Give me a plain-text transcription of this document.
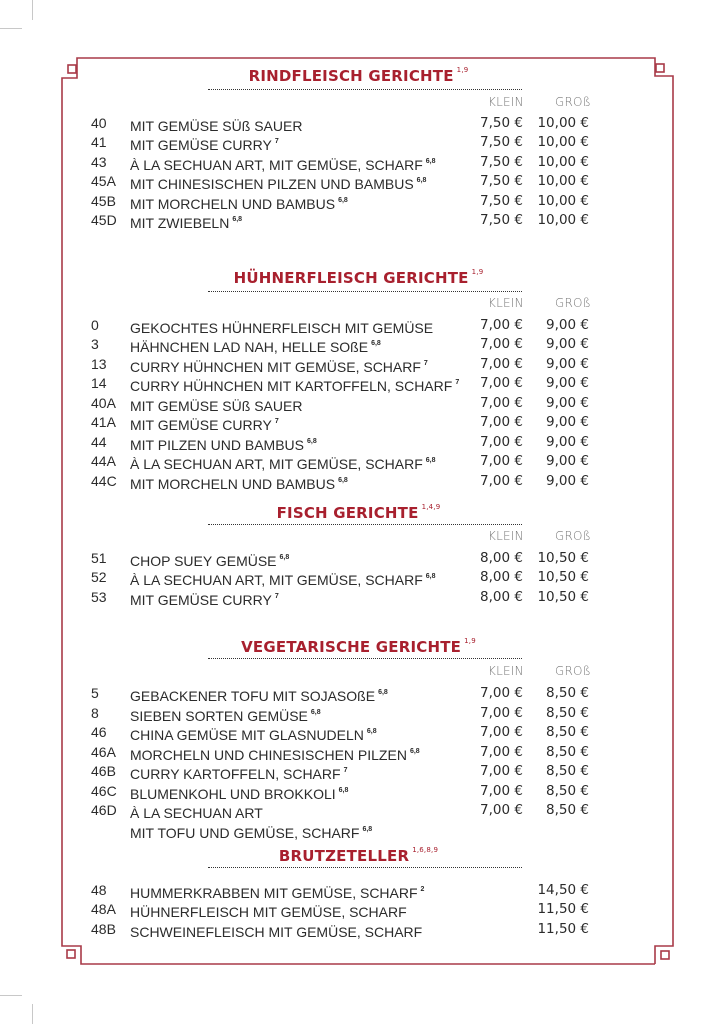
RINDFLEISCH GERICHTE $^{1,9}$
KLEIN	GROß
40 MIT GEMÜSE SÜß SAUER	7,50 € 10,00 €
41 MIT GEMÜSE CURRY $^7$	7,50 € 10,00 €
43 À LA SECHUAN ART, MIT GEMÜSE, SCHARF $^{6,8}$	7,50 € 10,00 €
45A MIT CHINESISCHEN PILZEN UND BAMBUS $^{6,8}$	7,50 € 10,00 €
45B MIT MORCHELN UND BAMBUS $^{6,8}$	7,50 € 10,00 €
45D MIT ZWIEBELN $^{6,8}$	7,50 € 10,00 €
HÜHNERFLEISCH GERICHTE $^{1,9}$
KLEIN	GROß
0 GEKOCHTES HÜHNERFLEISCH MIT GEMÜSE	7,00 € 9,00 €
3 HÄHNCHEN LAD NAH, HELLE SOßE $^{6,8}$	7,00 € 9,00 €
13 CURRY HÜHNCHEN MIT GEMÜSE, SCHARF $^7$	7,00 € 9,00 €
14 CURRY HÜHNCHEN MIT KARTOFFELN, SCHARF $^7$ 7,00 € 9,00 €
40A MIT GEMÜSE SÜß SAUER	7,00 € 9,00 €
41A MIT GEMÜSE CURRY $^7$	7,00 € 9,00 €
44 MIT PILZEN UND BAMBUS $^{6,8}$	7,00 € 9,00 €
44A À LA SECHUAN ART, MIT GEMÜSE, SCHARF $^{6,8}$	7,00 € 9,00 €
44C MIT MORCHELN UND BAMBUS $^{6,8}$	7,00 € 9,00 €
FISCH GERICHTE $^{1,4,9}$
KLEIN	GROß
51 CHOP SUEY GEMÜSE $^{6,8}$	8,00 € 10,50 €
52 À LA SECHUAN ART, MIT GEMÜSE, SCHARF $^{6,8}$	8,00 € 10,50 €
53 MIT GEMÜSE CURRY $^7$	8,00 € 10,50 €
VEGETARISCHE GERICHTE $^{1,9}$
KLEIN	GROß
5 GEBACKENER TOFU MIT SOJASOßE $^{6,8}$	7,00 € 8,50 €
8 SIEBEN SORTEN GEMÜSE $^{6,8}$	7,00 € 8,50 €
46 CHINA GEMÜSE MIT GLASNUDELN $^{6,8}$	7,00 € 8,50 €
46A MORCHELN UND CHINESISCHEN PILZEN $^{6,8}$	7,00 € 8,50 €
46B CURRY KARTOFFELN, SCHARF $^7$	7,00 € 8,50 €
46C BLUMENKOHL UND BROKKOLI $^{6,8}$	7,00 € 8,50 €
46D À LA SECHUAN ART	7,00 € 8,50 €
MIT TOFU UND GEMÜSE, SCHARF $^{6,8}$
BRUTZETELLER $^{1,6,8,9}$
48 HUMMERKRABBEN MIT GEMÜSE, SCHARF $^2$	14,50 €
48A HÜHNERFLEISCH MIT GEMÜSE, SCHARF	11,50 €
48B SCHWEINEFLEISCH MIT GEMÜSE, SCHARF	11,50 €
